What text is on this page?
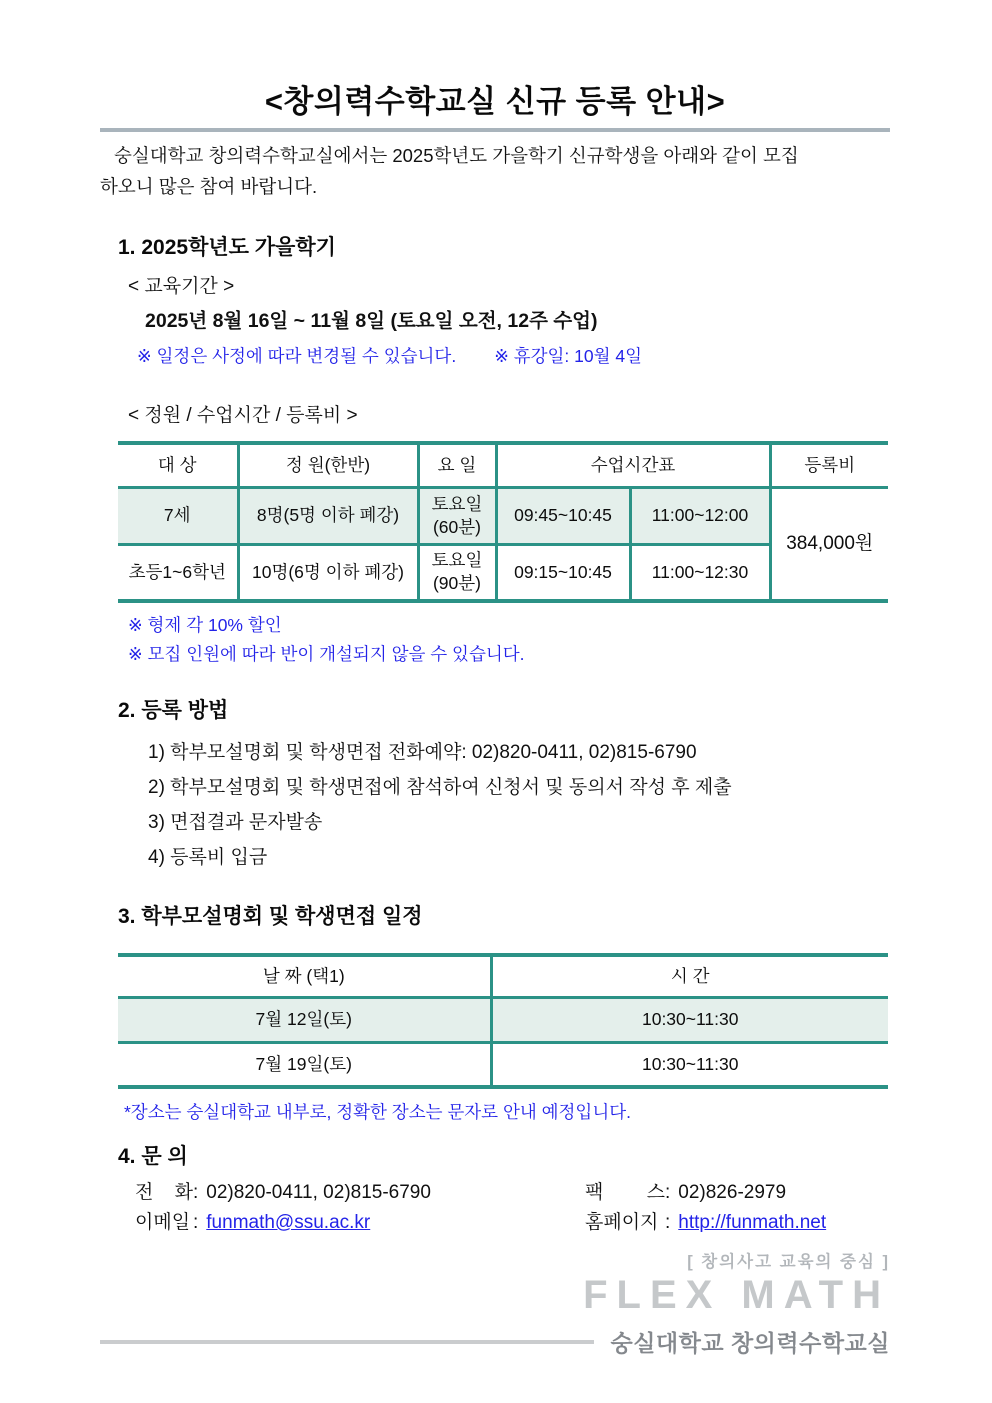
<창의력수학교실 신규 등록 안내>
숭실대학교 창의력수학교실에서는 2025학년도 가을학기 신규학생을 아래와 같이 모집
하오니 많은 참여 바랍니다.
1. 2025학년도 가을학기
< 교육기간 >
2025년 8월 16일 ~ 11월 8일 (토요일 오전, 12주 수업)
※ 일정은 사정에 따라 변경될 수 있습니다. ※ 휴강일: 10월 4일
< 정원 / 수업시간 / 등록비 >
대 상	정 원(한반)	요 일	수업시간표		등록비
7세	8명(5명 이하 폐강)	토요일
(60분)	09:45~10:45	11:00~12:00	384,000원
초등1~6학년	10명(6명 이하 폐강)	토요일
(90분)	09:15~10:45	11:00~12:30	
※ 형제 각 10% 할인
※ 모집 인원에 따라 반이 개설되지 않을 수 있습니다.
2. 등록 방법
1) 학부모설명회 및 학생면접 전화예약: 02)820-0411, 02)815-6790
2) 학부모설명회 및 학생면접에 참석하여 신청서 및 동의서 작성 후 제출
3) 면접결과 문자발송
4) 등록비 입금
3. 학부모설명회 및 학생면접 일정
날 짜 (택1)	시 간
7월 12일(토)	10:30~11:30
7월 19일(토)	10:30~11:30
*장소는 숭실대학교 내부로, 정확한 장소는 문자로 안내 예정입니다.
4. 문 의
전 화: 02)820-0411, 02)815-6790	팩 스: 02)826-2979
이메일 : funmath@ssu.ac.kr	홈페이지 : http://funmath.net
[ 창의사고 교육의 중심 ]
FLEX MATH
숭실대학교 창의력수학교실
